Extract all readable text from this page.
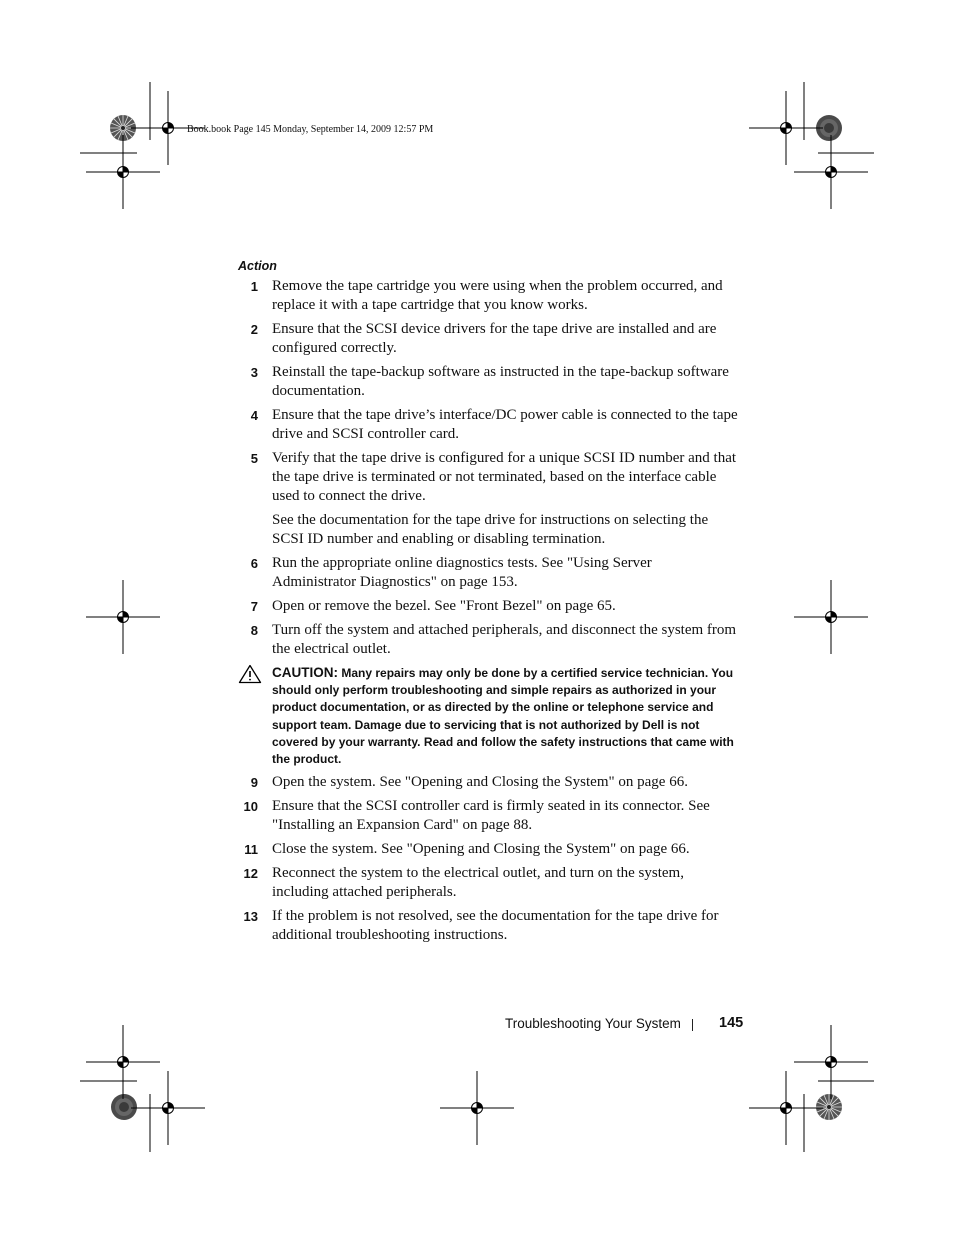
Book.book Page 145 Monday, September 14, 2009 12:57 PM
Action
1 Remove the tape cartridge you were using when the problem occurred, and replace it with a tape cartridge that you know works.
2 Ensure that the SCSI device drivers for the tape drive are installed and are configured correctly.
3 Reinstall the tape-backup software as instructed in the tape-backup software documentation.
4 Ensure that the tape drive’s interface/DC power cable is connected to the tape drive and SCSI controller card.
5 Verify that the tape drive is configured for a unique SCSI ID number and that the tape drive is terminated or not terminated, based on the interface cable used to connect the drive.
See the documentation for the tape drive for instructions on selecting the SCSI ID number and enabling or disabling termination.
6 Run the appropriate online diagnostics tests. See "Using Server Administrator Diagnostics" on page 153.
7 Open or remove the bezel. See "Front Bezel" on page 65.
8 Turn off the system and attached peripherals, and disconnect the system from the electrical outlet.
CAUTION: Many repairs may only be done by a certified service technician. You should only perform troubleshooting and simple repairs as authorized in your product documentation, or as directed by the online or telephone service and support team. Damage due to servicing that is not authorized by Dell is not covered by your warranty. Read and follow the safety instructions that came with the product.
9 Open the system. See "Opening and Closing the System" on page 66.
10 Ensure that the SCSI controller card is firmly seated in its connector. See "Installing an Expansion Card" on page 88.
11 Close the system. See "Opening and Closing the System" on page 66.
12 Reconnect the system to the electrical outlet, and turn on the system, including attached peripherals.
13 If the problem is not resolved, see the documentation for the tape drive for additional troubleshooting instructions.
Troubleshooting Your System	145
